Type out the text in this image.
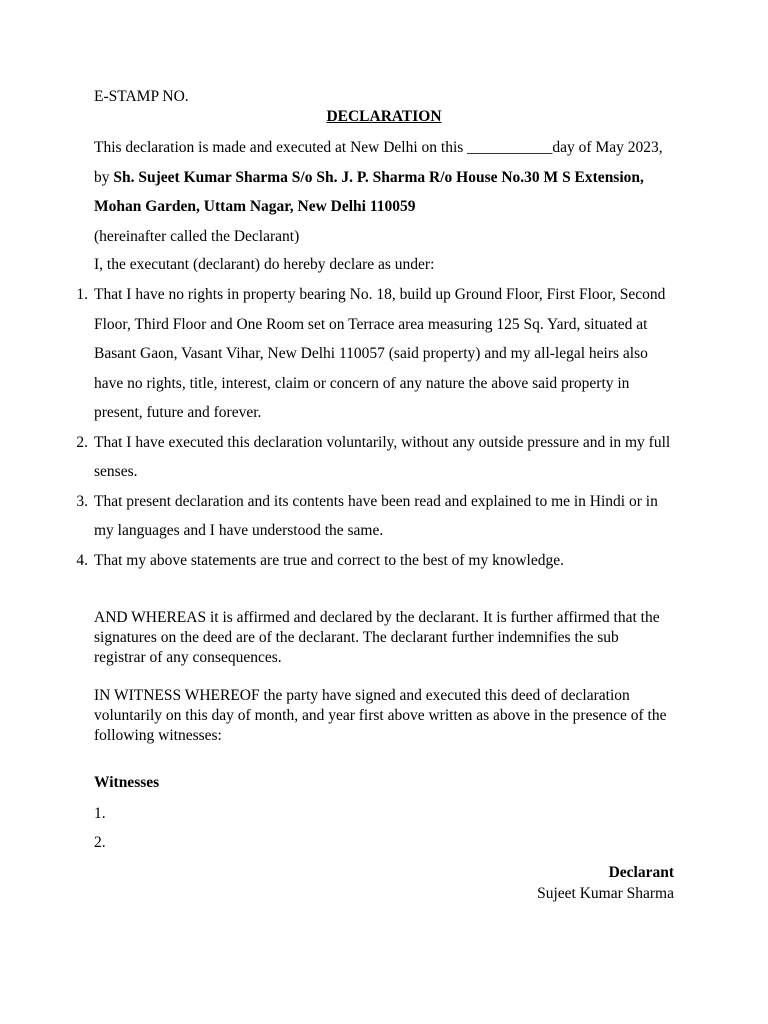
E-STAMP NO.
DECLARATION
This declaration is made and executed at New Delhi on this ___________day of May 2023, by Sh. Sujeet Kumar Sharma S/o Sh. J. P. Sharma R/o House No.30 M S Extension, Mohan Garden, Uttam Nagar, New Delhi 110059
(hereinafter called the Declarant)
I, the executant (declarant) do hereby declare as under:
1. That I have no rights in property bearing No. 18, build up Ground Floor, First Floor, Second Floor, Third Floor and One Room set on Terrace area measuring 125 Sq. Yard, situated at Basant Gaon, Vasant Vihar, New Delhi 110057 (said property) and my all-legal heirs also have no rights, title, interest, claim or concern of any nature the above said property in present, future and forever.
2. That I have executed this declaration voluntarily, without any outside pressure and in my full senses.
3. That present declaration and its contents have been read and explained to me in Hindi or in my languages and I have understood the same.
4. That my above statements are true and correct to the best of my knowledge.
AND WHEREAS it is affirmed and declared by the declarant. It is further affirmed that the signatures on the deed are of the declarant. The declarant further indemnifies the sub registrar of any consequences.
IN WITNESS WHEREOF the party have signed and executed this deed of declaration voluntarily on this day of month, and year first above written as above in the presence of the following witnesses:
Witnesses
1.
2.
Declarant
Sujeet Kumar Sharma
